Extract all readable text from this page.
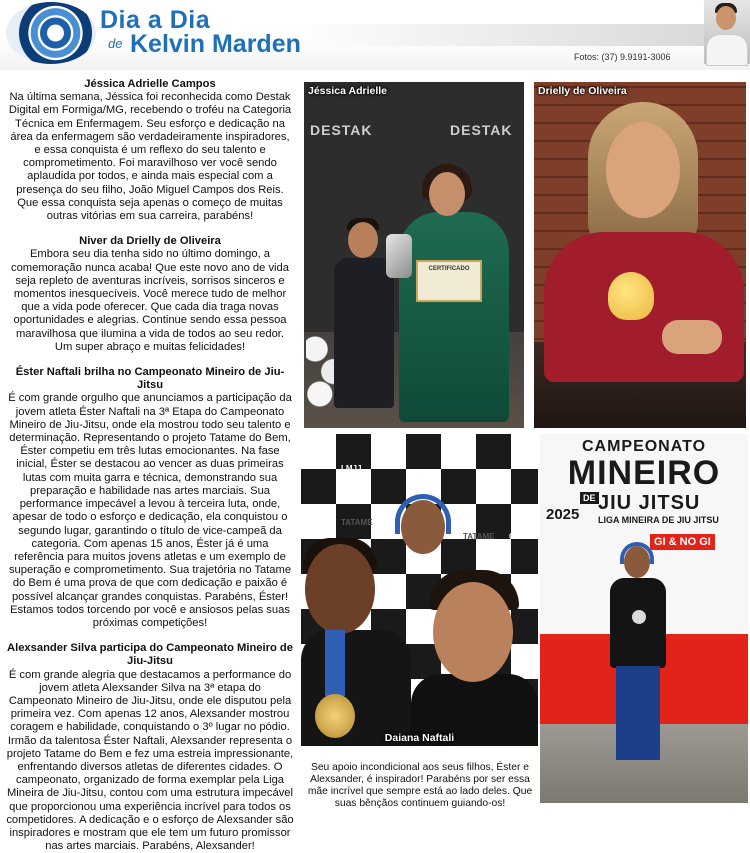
Dia a Dia
de Kelvin Marden	Fotos: (37) 9.9191-3006
Jéssica Adrielle Campos
Na última semana, Jéssica foi reconhecida como Destak Digital em Formiga/MG, recebendo o troféu na Categoria Técnica em Enfermagem. Seu esforço e dedicação na área da enfermagem são verdadeiramente inspiradores, e essa conquista é um reflexo do seu talento e comprometimento. Foi maravilhoso ver você sendo aplaudida por todos, e ainda mais especial com a presença do seu filho, João Miguel Campos dos Reis. Que essa conquista seja apenas o começo de muitas outras vitórias em sua carreira, parabéns!
Niver da Drielly de Oliveira
Embora seu dia tenha sido no último domingo, a comemoração nunca acaba! Que este novo ano de vida seja repleto de aventuras incríveis, sorrisos sinceros e momentos inesquecíveis. Você merece tudo de melhor que a vida pode oferecer. Que cada dia traga novas oportunidades e alegrias. Continue sendo essa pessoa maravilhosa que ilumina a vida de todos ao seu redor. Um super abraço e muitas felicidades!
Éster Naftali brilha no Campeonato Mineiro de Jiu-Jitsu
É com grande orgulho que anunciamos a participação da jovem atleta Éster Naftali na 3ª Etapa do Campeonato Mineiro de Jiu-Jitsu, onde ela mostrou todo seu talento e determinação. Representando o projeto Tatame do Bem, Éster competiu em três lutas emocionantes. Na fase inicial, Éster se destacou ao vencer as duas primeiras lutas com muita garra e técnica, demonstrando sua preparação e habilidade nas artes marciais. Sua performance impecável a levou à terceira luta, onde, apesar de todo o esforço e dedicação, ela conquistou o segundo lugar, garantindo o título de vice-campeã da categoria. Com apenas 15 anos, Éster já é uma referência para muitos jovens atletas e um exemplo de superação e comprometimento. Sua trajetória no Tatame do Bem é uma prova de que com dedicação e paixão é possível alcançar grandes conquistas. Parabéns, Éster! Estamos todos torcendo por você e ansiosos pelas suas próximas competições!
Alexsander Silva participa do Campeonato Mineiro de Jiu-Jitsu
É com grande alegria que destacamos a performance do jovem atleta Alexsander Silva na 3ª etapa do Campeonato Mineiro de Jiu-Jitsu, onde ele disputou pela primeira vez. Com apenas 12 anos, Alexsander mostrou coragem e habilidade, conquistando o 3º lugar no pódio. Irmão da talentosa Éster Naftali, Alexsander representa o projeto Tatame do Bem e fez uma estreia impressionante, enfrentando diversos atletas de diferentes cidades. O campeonato, organizado de forma exemplar pela Liga Mineira de Jiu-Jitsu, contou com uma estrutura impecável que proporcionou uma experiência incrível para todos os competidores. A dedicação e o esforço de Alexsander são inspiradores e mostram que ele tem um futuro promissor nas artes marciais. Parabéns, Alexsander!
DESTAK	DESTAK
CERTIFICADO
Jéssica Adrielle	Drielly de Oliveira
LMJJ
TATAME
CCMJ
TATAME
Daiana Naftali
CAMPEONATO
MINEIRO
DE JIU JITSU
2025 LIGA MINEIRA DE JIU JITSU
GI & NO GI
Seu apoio incondicional aos seus filhos, Éster e Alexsander, é inspirador! Parabéns por ser essa mãe incrível que sempre está ao lado deles. Que suas bênçãos continuem guiando-os!
